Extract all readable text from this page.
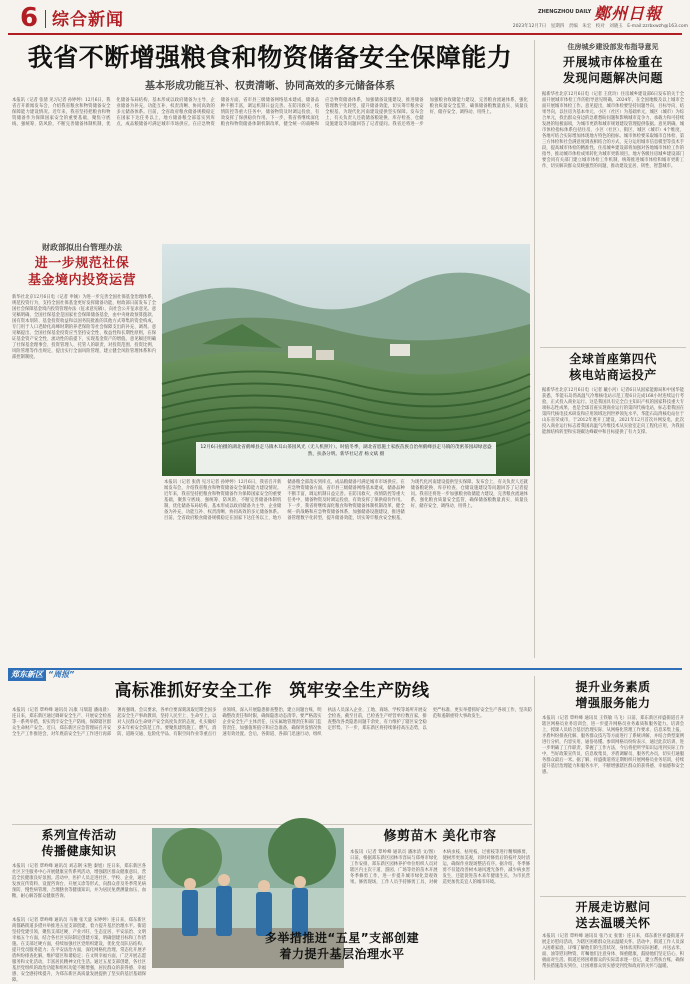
6 综合新闻	ZHENGZHOU DAILY 鄭州日報
2023年12月7日　星期四　责编　朱宏　校对　刘晓玉　E-mail:zzrbxwzh@163.com
我省不断增强粮食和物资储备安全保障能力
基本形成功能互补、权责清晰、协同高效的多元储备体系
本报讯（记者 张倩 见习记者 孙婷婷）12月6日，我省召开新闻发布会，介绍我省粮食和物资储备安全保障能力建设情况。近年来，我省坚持把粮食和物资储备作为保障国家安全的重要基础，聚焦守底线、强统筹、防风险，不断完善储备体制机制，优化储备布局结构，基本形成以政府储备为主导、企业储备为补充，功能互补、权责清晰、协同高效的多元储备体系。目前，全省政府粮食储备规模稳定在国家下达任务以上，地方储备粮全部落实到库点，成品粮储备可满足城市市场供应。在应急物资储备方面，省市县三级储备网络基本建成，储备品种不断丰富，调运机制日益完善。在防汛救灾、疫情防控等重大任务中，储备物资及时调运投放，有效发挥了保供稳价作用。下一步，我省将继续深化粮食和物资储备体制机制改革，健全统一的战略和应急物资储备体系，加强储备设施建设，推进储备管理数字化转型，提升储备效能，切实筹牢粮食安全根基，为现代化河南建设提供坚实保障。发布会上，有关负责人还就储备粮轮换、库存检查、仓储设施建设等问题回答了记者提问。我省还将进一步加强粮食收储能力建设，完善粮食流通体系，强化粮食质量安全监管，确保储备粮数量真实、质量良好、储存安全、调得动、用得上。
财政部拟出台管理办法
进一步规范社保
基金境内投资运营
新华社北京12月6日电（记者 申铖）为进一步完善全国社保基金治理体系，规范投资行为，支持全国社保基金更好发挥储备功能，财政部日前发布了全国社会保障基金境内投资管理办法（征求意见稿），向社会公开征求意见。意见稿明确，全国社保基金是国家社会保障储备基金，由中央财政预算拨款、国有资本划转、基金投资收益和以国务院批准的其他方式筹集的资金构成，专门用于人口老龄化高峰时期的养老保险等社会保障支出的补充、调剂。意见稿提出，全国社保基金投资应当坚持安全性、收益性和长期性原则，在保证基金资产安全性、流动性的前提下，实现基金资产的增值。意见稿还明确了社保基金理事会、投资管理人、托管人的职责，对投资范围、投资比例、风险管理等作出规定，提出实行全面风险管理，建立健全风险管理体系和内部控制制度。
12月6日拍摄的湖北省鹤峰县走马镇木耳山茶园风光（无人机照片）。时值冬季，湖北省恩施土家族苗族自治州鹤峰县走马镇的茂密茶园却绿意盎然，扶条分明。新华社记者 杨文斌 摄
本报讯（记者 张倩 见习记者 孙婷婷）12月6日，我省召开新闻发布会，介绍我省粮食和物资储备安全保障能力建设情况。近年来，我省坚持把粮食和物资储备作为保障国家安全的重要基础，聚焦守底线、强统筹、防风险，不断完善储备体制机制，优化储备布局结构，基本形成以政府储备为主导、企业储备为补充，功能互补、权责清晰、协同高效的多元储备体系。目前，全省政府粮食储备规模稳定在国家下达任务以上，地方储备粮全部落实到库点，成品粮储备可满足城市市场供应。在应急物资储备方面，省市县三级储备网络基本建成，储备品种不断丰富，调运机制日益完善。在防汛救灾、疫情防控等重大任务中，储备物资及时调运投放，有效发挥了保供稳价作用。下一步，我省将继续深化粮食和物资储备体制机制改革，健全统一的战略和应急物资储备体系，加强储备设施建设，推进储备管理数字化转型，提升储备效能，切实筹牢粮食安全根基，为现代化河南建设提供坚实保障。发布会上，有关负责人还就储备粮轮换、库存检查、仓储设施建设等问题回答了记者提问。我省还将进一步加强粮食收储能力建设，完善粮食流通体系，强化粮食质量安全监管，确保储备粮数量真实、质量良好、储存安全、调得动、用得上。
住房城乡建设部发布指导意见
开展城市体检重在
发现问题解决问题
据新华社北京12月6日电（记者 王优玲）住房城乡建设部6日发布的关于全面开展城市体检工作的指导意见明确，2024年，在全国地级及以上城市全面开展城市体检工作。意见提出，城市体检要坚持问题导向、目标导向、结果导向，以住房为基本单元、小区（社区）为基础单元，城区（城市）为综合单元，找出群众身边的急难愁盼问题和影响城市竞争力、承载力和可持续发展的短板弱项，为城市更新和城市规划建设管理提供依据。意见明确，城市体检指标体系包括住房、小区（社区）、街区、城区（城市）4个维度，各地可结合实际增加体现地方特色的指标。城市体检要采取城市自体检、第三方体检和社会满意度调查相结合的方式，充分运用城市信息模型等技术手段，提高城市体检的精准性。住房城乡建设部将加强对各地城市体检工作的指导，推动城市体检成果转化为城市更新项目。地方各级住房城乡建设部门要会同有关部门建立城市体检工作机制，统筹推进城市体检和城市更新工作，切实解决群众反映强烈的问题，推动建设宜居、韧性、智慧城市。
全球首座第四代
核电站商运投产
据新华社北京12月6日电（记者 戴小河）记者6日从国家能源局和中国华能获悉，华能石岛湾高温气冷堆核电站示范工程6日完成168小时连续运行考验，正式投入商业运行。这是我国具有完全自主知识产权的国家科技重大专项标志性成果，也是全球首座实现商业运行的第四代核电站，标志着我国在第四代核电技术研发和应用领域达到世界领先水平。华能石岛湾核电站位于山东省荣成市，于2012年底开工建设，2021年12月首次并网发电，此次投入商业运行标志着我国高温气冷堆技术从实验室走向工程化应用，为我国能源结构转型和实现碳达峰碳中和目标提供了有力支撑。
郑东新区 “周报”
高标准抓好安全工作　筑牢安全生产防线
本报讯（记者 覃岭峰 通讯员 冯康 马瑞超 潘雨晨）连日来，郑东新区通过调研安全生产、开展安全检查等一系列举措，切实筑牢安全生产防线，保障辖区群众生命财产安全。近日，郑东新区应急管理局召开安全生产工作推进会，对年底前安全生产工作进行再部署再强调。会议要求，各单位要深刻汲取近期全国多起安全生产事故教训，坚持人民至上、生命至上，以对人民群众生命财产安全高度负责的态度，扎实做好岁末年初安全防范工作。要聚焦建筑施工、燃气、消防、道路交通、危险化学品、有限空间作业等重点行业领域，深入开展隐患排查整治，建立问题台账，明确整改责任和时限，确保隐患动态清零。要严格落实企业安全生产主体责任，压实属地管理责任和部门监管责任，加强值班值守和应急准备，确保突发情况快速有效处置。会后，各街道、各部门迅速行动，组织执法人员深入企业、工地、商场、学校等场所开展安全检查，截至目前，已检查生产经营单位数百家，排查整改各类隐患问题千余处，有力维护了辖区安全稳定形势。下一步，郑东新区将持续保持高压态势，以更严标准、更实举措抓好安全生产各项工作，坚决防范和遏制重特大事故发生。
提升业务素质
增强服务能力
本报讯（记者 覃岭峰 通讯员 王铁敏 马飞）日前，郑东新区祥盛街道召开辖区网格员业务培训会，进一步提升网格员业务素质和服务能力。培训会上，授课人员结合基层治理实际，从网格化管理工作要求、信息采集上报、矛盾纠纷排查化解、服务群众技巧等方面进行了系统讲解，并结合典型案例进行分析，内容实用、通俗易懂。参训网格员纷纷表示，通过此次培训，进一步明确了工作职责，掌握了工作方法，今后将把所学知识运用到实际工作中，当好政策宣传员、信息收集员、矛盾调解员、服务代办员，切实打通服务群众最后一米。据了解，祥盛街道将定期组织开展网格员业务培训，持续提升基层治理能力和服务水平，不断增强辖区群众的获得感、幸福感和安全感。
系列宣传活动
传播健康知识
本报讯（记者 覃岭峰 通讯员 刘志钢 宋艳 秦旭）连日来，郑东新区各社区卫生服务中心开展健康宣传系列活动，增强辖区群众健康意识，营造全民健康良好氛围。活动中，医护人员走进社区、学校、企业，通过发放宣传资料、设置咨询台、开展义诊等形式，向群众普及冬季常见病预防、慢性病管理、合理膳食等健康知识，并为居民免费测量血压、血糖，耐心解答群众健康咨询。
本报讯（记者 覃岭峰 通讯员 马俊 张天骁 宋婷婷）连日来，郑东新区商都路街道多措并举推进五星支部创建，着力提升基层治理水平。街道坚持党建引领，聚焦支部过硬、产业兴旺、生态宜居、平安法治、文明幸福五个方面，结合各社区实际制定创建方案，明确创建目标和工作措施。在支部过硬方面，持续加强社区党组织建设，优化党员队伍结构，提升党员服务能力；在平安法治方面，深化网格化治理，常态化开展矛盾纠纷排查化解，维护辖区和谐稳定；在文明幸福方面，广泛开展志愿服务和文化活动，丰富居民精神文化生活。通过五星支部创建，各社区基层党组织的政治功能和组织功能不断增强，居民群众的获得感、幸福感、安全感持续提升，为郑东新区高质量发展提供了坚实的基层基础保障。
修剪苗木 美化市容
本报讯（记者 覃岭峰 通讯员 潘冰清 文/图）日前，根据郑东新区园林市容局与郑州市绿化工作安排，郑东新区园林养护单位组织人员对辖区内主次干道、游园、广场等处的苗木开展冬季修剪工作，进一步提升城市绿化景观效果。修剪现场，工作人员手持修剪工具，对树木病虫枝、枯死枝、过密枝等进行精细修剪，使树形更加美观，同时对修剪后的枝叶及时清运，确保作业现场整洁有序。据介绍，冬季修剪不仅能改善树木通风透光条件，减少病虫害发生，还能促进苗木来年健康生长，为市民营造更加优美宜人的城市环境。
多举措推进“五星”支部创建
着力提升基层治理水平
开展走访慰问
送去温暖关怀
本报讯（记者 覃岭峰 通讯员 张乃文 张蕾）连日来，郑东新区祥盛街道开展走访慰问活动，为辖区困难群众送去温暖关怀。活动中，街道工作人员深入困难家庭，详细了解他们的生活状况、身体状况和实际困难，并送去米、面、油等慰问物资，叮嘱他们注意身体、保重健康，鼓励他们坚定信心，积极面对生活。街道还将困难群众的实际需求逐一登记，建立帮扶台账，确保帮扶措施落实到位，让困难群众切实感受到党和政府的关怀与温暖。
